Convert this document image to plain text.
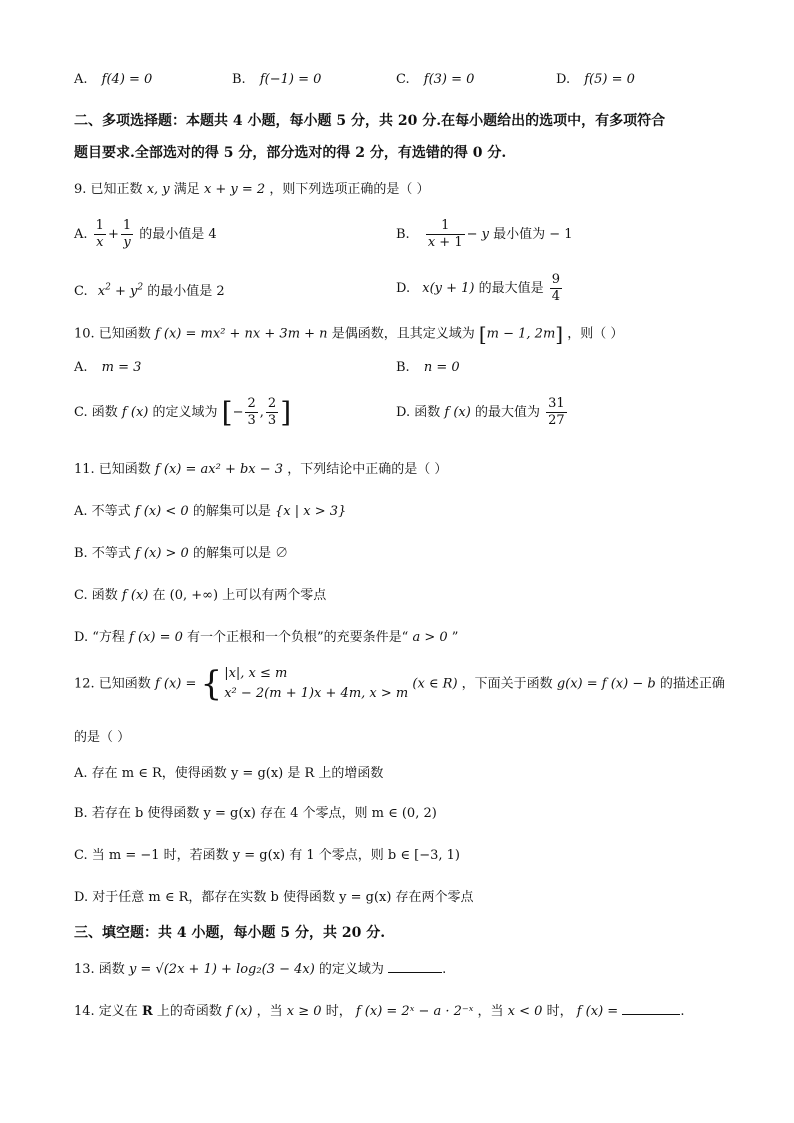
A. f(4) = 0	B. f(−1) = 0	C. f(3) = 0	D. f(5) = 0
二、多项选择题：本题共 4 小题，每小题 5 分，共 20 分.在每小题给出的选项中，有多项符合
题目要求.全部选对的得 5 分，部分选对的得 2 分，有选错的得 0 分.
9. 已知正数 x, y 满足 x + y = 2 ，则下列选项正确的是（ ）
A. $\frac{1}{x} + \frac{1}{y}$ 的最小值是 4	B. $\frac{1}{x + 1} - y$ 最小值为 − 1
C. $x^2 + y^2$ 的最小值是 2	D. x(y + 1) 的最大值是 $\frac{9}{4}$
10. 已知函数 f (x) = mx² + nx + 3m + n 是偶函数，且其定义域为 [m − 1, 2m] ，则（ ）
A. m = 3	B. n = 0
C. 函数 f (x) 的定义域为 [− $\frac{2}{3}$ , $\frac{2}{3}$ ]	D. 函数 f (x) 的最大值为 $\frac{31}{27}$
11. 已知函数 f (x) = ax² + bx − 3 ，下列结论中正确的是（ ）
A. 不等式 f (x) < 0 的解集可以是 {x | x > 3}
B. 不等式 f (x) > 0 的解集可以是 ∅
C. 函数 f (x) 在 (0, +∞) 上可以有两个零点
D. “方程 f (x) = 0 有一个正根和一个负根”的充要条件是“ a > 0 ”
12. 已知函数 f (x) = { |x|, x ≤ m
x² − 2(m + 1)x + 4m, x > m
(x ∈ R) ，下面关于函数 g(x) = f (x) − b 的描述正确
的是（ ）
A. 存在 m ∈ R，使得函数 y = g(x) 是 R 上的增函数
B. 若存在 b 使得函数 y = g(x) 存在 4 个零点，则 m ∈ (0, 2)
C. 当 m = −1 时，若函数 y = g(x) 有 1 个零点，则 b ∈ [−3, 1)
D. 对于任意 m ∈ R，都存在实数 b 使得函数 y = g(x) 存在两个零点
三、填空题：共 4 小题，每小题 5 分，共 20 分.
13. 函数 y = √(2x + 1) + log₂(3 − 4x) 的定义域为	.
14. 定义在 R 上的奇函数 f (x) ，当 x ≥ 0 时， f (x) = 2ˣ − a · 2⁻ˣ ，当 x < 0 时， f (x) =	.
